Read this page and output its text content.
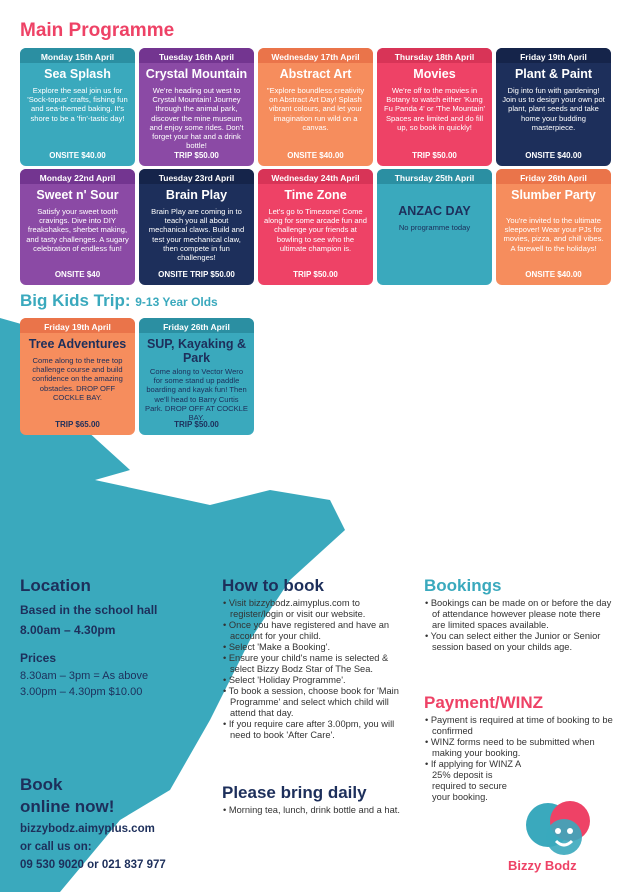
Main Programme
Monday 15th April
Sea Splash
Explore the seal join us for 'Sock-topus' crafts, fishing fun and sea-themed baking. It's shore to be a 'fin'-tastic day!
ONSITE $40.00
Tuesday 16th April
Crystal Mountain
We're heading out west to Crystal Mountain! Journey through the animal park, discover the mine museum and enjoy some rides. Don't forget your hat and a drink bottle!
TRIP $50.00
Wednesday 17th April
Abstract Art
"Explore boundless creativity on Abstract Art Day! Splash vibrant colours, and let your imagination run wild on a canvas.
ONSITE $40.00
Thursday 18th April
Movies
We're off to the movies in Botany to watch either 'Kung Fu Panda 4' or 'The Mountain' Spaces are limited and do fill up, so book in quickly!
TRIP $50.00
Friday 19th April
Plant & Paint
Dig into fun with gardening! Join us to design your own pot plant, plant seeds and take home your budding masterpiece.
ONSITE $40.00
Monday 22nd April
Sweet n' Sour
Satisfy your sweet tooth cravings. Dive into DIY freakshakes, sherbet making, and tasty challenges. A sugary celebration of endless fun!
ONSITE $40
Tuesday 23rd April
Brain Play
Brain Play are coming in to teach you all about mechanical claws. Build and test your mechanical claw, then compete in fun challenges!
ONSITE TRIP $50.00
Wednesday 24th April
Time Zone
Let's go to Timezone! Come along for some arcade fun and challenge your friends at bowling to see who the ultimate champion is.
TRIP $50.00
Thursday 25th April
ANZAC DAY
No programme today
Friday 26th April
Slumber Party
You're invited to the ultimate sleepover! Wear your PJs for movies, pizza, and chill vibes. A farewell to the holidays!
ONSITE $40.00
Big Kids Trip: 9-13 Year Olds
Friday 19th April
Tree Adventures
Come along to the tree top challenge course and build confidence on the amazing obstacles. DROP OFF COCKLE BAY.
TRIP $65.00
Friday 26th April
SUP, Kayaking & Park
Come along to Vector Wero for some stand up paddle boarding and kayak fun! Then we'll head to Barry Curtis Park. DROP OFF AT COCKLE BAY.
TRIP $50.00
Location

Based in the school hall

8.00am – 4.30pm

Prices

8.30am – 3pm = As above

3.00pm – 4.30pm $10.00

Book
online now!

bizzybodz.aimyplus.com

or call us on:

09 530 9020 or 021 837 977

How to book
• Visit bizzybodz.aimyplus.com to register/login or visit our website.
• Once you have registered and have an account for your child.
• Select 'Make a Booking'.
• Ensure your child's name is selected & select Bizzy Bodz Star of The Sea.
• Select 'Holiday Programme'.
• To book a session, choose book for 'Main Programme' and select which child will attend that day.
• If you require care after 3.00pm, you will need to book 'After Care'.
Please bring daily
• Morning tea, lunch, drink bottle and a hat.
Bookings
• Bookings can be made on or before the day of attendance however please note there are limited spaces available.
• You can select either the Junior or Senior session based on your childs age.
Payment/WINZ
• Payment is required at time of booking to be confirmed
• WINZ forms need to be submitted when making your booking.
• If applying for WINZ A 25% deposit is required to secure your booking.
Bizzy Bodz
